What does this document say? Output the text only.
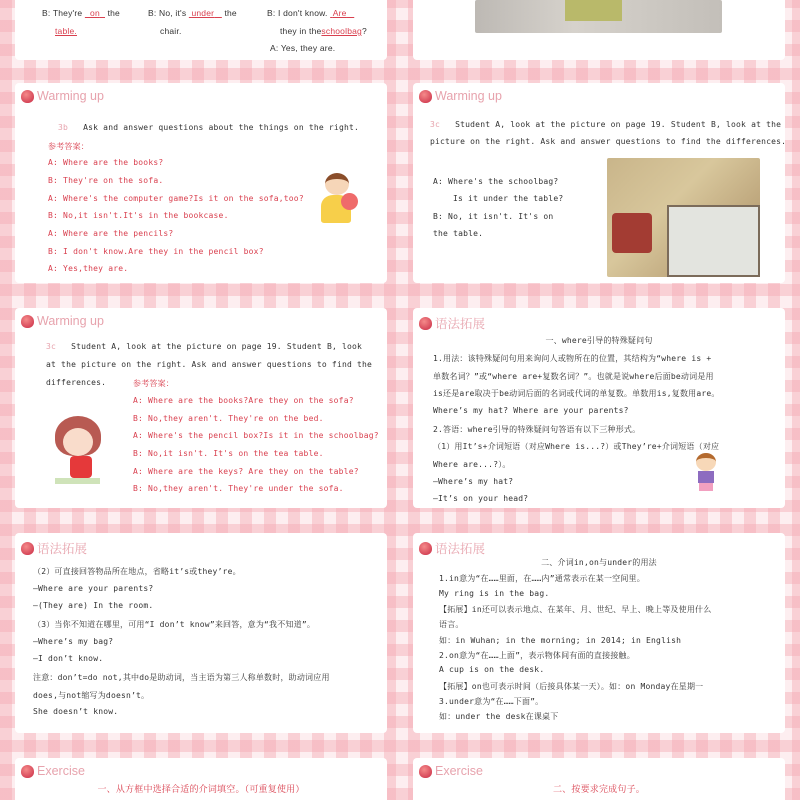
B: They're on the
table.
B: No, it's under the
chair.
B: I don't know. Are
they in theschoolbag?
A: Yes, they are.
Warming up
3b Ask and answer questions about the things on the right.
参考答案：
A: Where are the books?
B: They're on the sofa.
A: Where's the computer game?Is it on the sofa,too?
B: No,it isn't.It's in the bookcase.
A: Where are the pencils?
B: I don't know.Are they in the pencil box?
A: Yes,they are.
Warming up
3c Student A, look at the picture on page 19. Student B, look at the
picture on the right. Ask and answer questions to find the differences.
A: Where's the schoolbag?
Is it under the table?
B: No, it isn't. It's on
the table.
Warming up
3c Student A, look at the picture on page 19. Student B, look
at the picture on the right. Ask and answer questions to find the
differences.	参考答案：
A: Where are the books?Are they on the sofa?
B: No,they aren't. They're on the bed.
A: Where's the pencil box?Is it in the schoolbag?
B: No,it isn't. It's on the tea table.
A: Where are the keys? Are they on the table?
B: No,they aren't. They're under the sofa.
语法拓展
一、where引导的特殊疑问句
1.用法：该特殊疑问句用来询问人或物所在的位置，其结构为“where is +
单数名词？”或“where are+复数名词？”。也就是说where后面be动词是用
is还是are取决于be动词后面的名词或代词的单复数。单数用is,复数用are。
Where’s my hat? Where are your parents?
2.答语：where引导的特殊疑问句答语有以下三种形式。
（1）用It’s+介词短语（对应Where is...?）或They’re+介词短语（对应
Where are...?）。
—Where’s my hat?
—It’s on your head?
语法拓展
（2）可直接回答物品所在地点，省略it’s或they’re。
—Where are your parents?
—(They are) In the room.
（3）当你不知道在哪里，可用“I don’t know”来回答，意为“我不知道”。
—Where’s my bag?
—I don’t know.
注意：don’t=do not,其中do是助动词，当主语为第三人称单数时，助动词应用
does,与not缩写为doesn’t。
She doesn’t know.
语法拓展
二、介词in,on与under的用法
1.in意为“在……里面，在……内”通常表示在某一空间里。
My ring is in the bag.
【拓展】in还可以表示地点、在某年、月、世纪、早上、晚上等及使用什么
语言。
如：in Wuhan; in the morning; in 2014; in English
2.on意为“在……上面”，表示物体间有面的直接接触。
A cup is on the desk.
【拓展】on也可表示时间（后接具体某一天）。如：on Monday在星期一
3.under意为“在……下面”。
如：under the desk在课桌下
Exercise
一、从方框中选择合适的介词填空。（可重复使用）
Exercise
二、按要求完成句子。
